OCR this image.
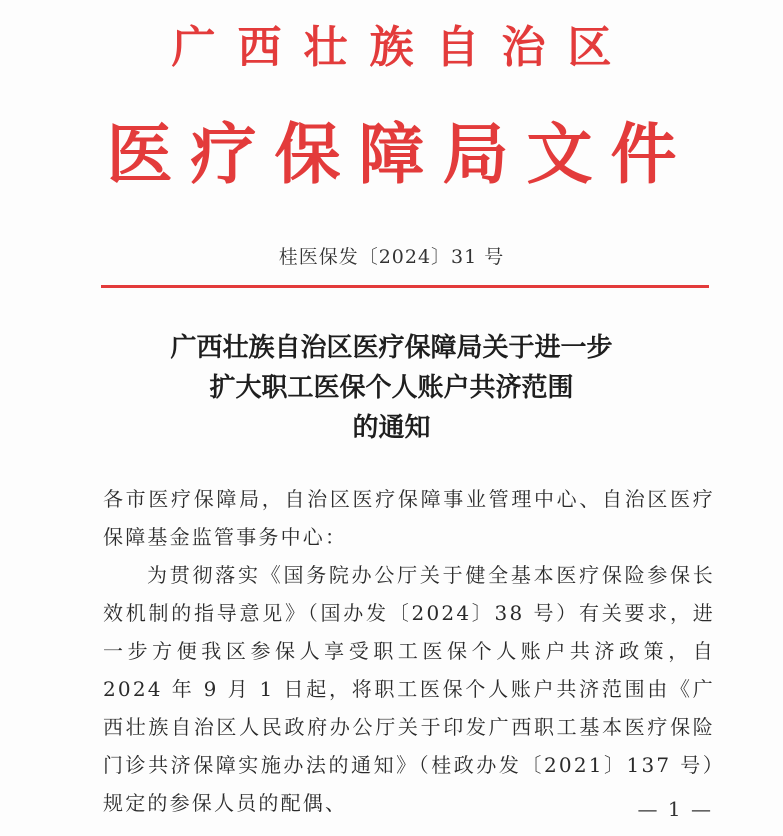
广西壮族自治区
医疗保障局文件
桂医保发〔2024〕31 号
广西壮族自治区医疗保障局关于进一步
扩大职工医保个人账户共济范围
的通知

各市医疗保障局，自治区医疗保障事业管理中心、自治区医疗保障基金监管事务中心：

为贯彻落实《国务院办公厅关于健全基本医疗保险参保长效机制的指导意见》（国办发〔2024〕38 号）有关要求，进一步方便我区参保人享受职工医保个人账户共济政策，自 2024 年 9 月 1 日起，将职工医保个人账户共济范围由《广西壮族自治区人民政府办公厅关于印发广西职工基本医疗保险门诊共济保障实施办法的通知》（桂政办发〔2021〕137 号）规定的参保人员的配偶、	— 1 —
